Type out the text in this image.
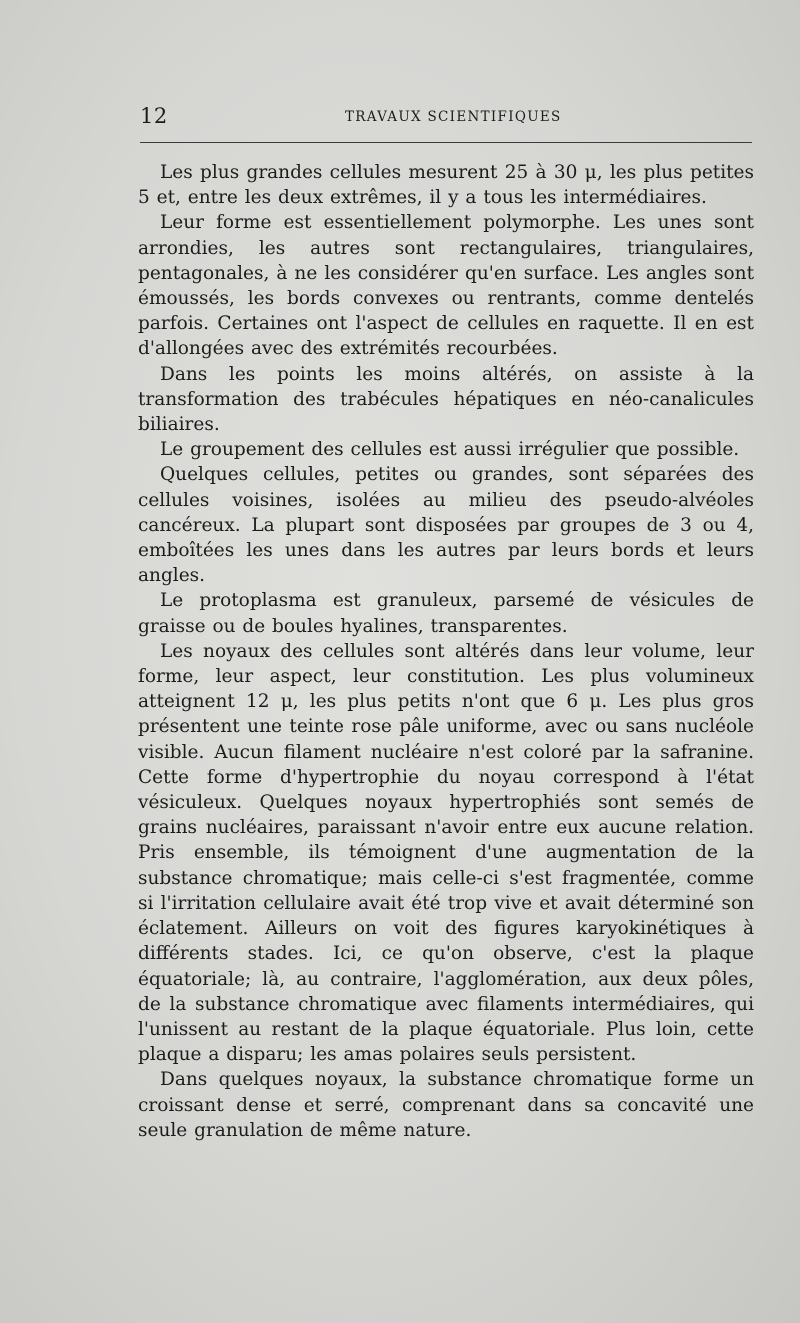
12	TRAVAUX SCIENTIFIQUES

Les plus grandes cellules mesurent 25 à 30 μ, les plus petites 5 et, entre les deux extrêmes, il y a tous les intermédiaires.

Leur forme est essentiellement polymorphe. Les unes sont arrondies, les autres sont rectangulaires, triangulaires, pentagonales, à ne les considérer qu'en surface. Les angles sont émoussés, les bords convexes ou rentrants, comme dentelés parfois. Certaines ont l'aspect de cellules en raquette. Il en est d'allongées avec des extrémités recourbées.

Dans les points les moins altérés, on assiste à la transformation des trabécules hépatiques en néo-canalicules biliaires.

Le groupement des cellules est aussi irrégulier que possible.

Quelques cellules, petites ou grandes, sont séparées des cellules voisines, isolées au milieu des pseudo-alvéoles cancéreux. La plupart sont disposées par groupes de 3 ou 4, emboîtées les unes dans les autres par leurs bords et leurs angles.

Le protoplasma est granuleux, parsemé de vésicules de graisse ou de boules hyalines, transparentes.

Les noyaux des cellules sont altérés dans leur volume, leur forme, leur aspect, leur constitution. Les plus volumineux atteignent 12 μ, les plus petits n'ont que 6 μ. Les plus gros présentent une teinte rose pâle uniforme, avec ou sans nucléole visible. Aucun filament nucléaire n'est coloré par la safranine. Cette forme d'hypertrophie du noyau correspond à l'état vésiculeux. Quelques noyaux hypertrophiés sont semés de grains nucléaires, paraissant n'avoir entre eux aucune relation. Pris ensemble, ils témoignent d'une augmentation de la substance chromatique; mais celle-ci s'est fragmentée, comme si l'irritation cellulaire avait été trop vive et avait déterminé son éclatement. Ailleurs on voit des figures karyokinétiques à différents stades. Ici, ce qu'on observe, c'est la plaque équatoriale; là, au contraire, l'agglomération, aux deux pôles, de la substance chromatique avec filaments intermédiaires, qui l'unissent au restant de la plaque équatoriale. Plus loin, cette plaque a disparu; les amas polaires seuls persistent.

Dans quelques noyaux, la substance chromatique forme un croissant dense et serré, comprenant dans sa concavité une seule granulation de même nature.
